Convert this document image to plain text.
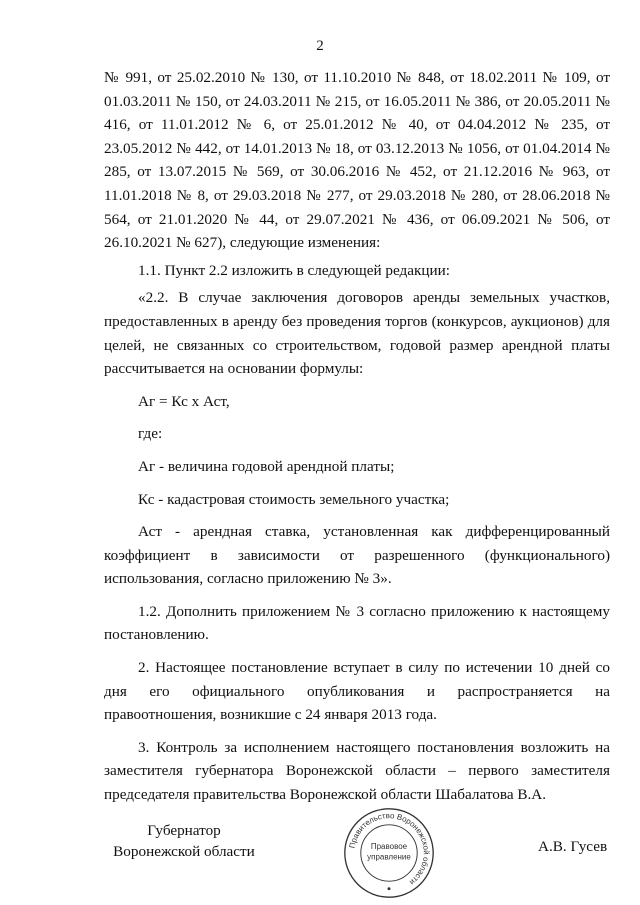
2

№ 991, от 25.02.2010 № 130, от 11.10.2010 № 848, от 18.02.2011 № 109, от 01.03.2011 № 150, от 24.03.2011 № 215, от 16.05.2011 № 386, от 20.05.2011 № 416, от 11.01.2012 № 6, от 25.01.2012 № 40, от 04.04.2012 № 235, от 23.05.2012 № 442, от 14.01.2013 № 18, от 03.12.2013 № 1056, от 01.04.2014 № 285, от 13.07.2015 № 569, от 30.06.2016 № 452, от 21.12.2016 № 963, от 11.01.2018 № 8, от 29.03.2018 № 277, от 29.03.2018 № 280, от 28.06.2018 № 564, от 21.01.2020 № 44, от 29.07.2021 № 436, от 06.09.2021 № 506, от 26.10.2021 № 627), следующие изменения:

1.1. Пункт 2.2 изложить в следующей редакции:

«2.2. В случае заключения договоров аренды земельных участков, предоставленных в аренду без проведения торгов (конкурсов, аукционов) для целей, не связанных со строительством, годовой размер арендной платы рассчитывается на основании формулы:

Аг = Кс х Аст,

где:

Аг - величина годовой арендной платы;

Кс - кадастровая стоимость земельного участка;

Аст - арендная ставка, установленная как дифференцированный коэффициент в зависимости от разрешенного (функционального) использования, согласно приложению № 3».

1.2. Дополнить приложением № 3 согласно приложению к настоящему постановлению.

2. Настоящее постановление вступает в силу по истечении 10 дней со дня его официального опубликования и распространяется на правоотношения, возникшие с 24 января 2013 года.

3. Контроль за исполнением настоящего постановления возложить на заместителя губернатора Воронежской области – первого заместителя председателя правительства Воронежской области Шабалатова В.А.

Губернатор
Воронежской области	Правительство Воронежской области
Правовое
управление
А.В. Гусев
